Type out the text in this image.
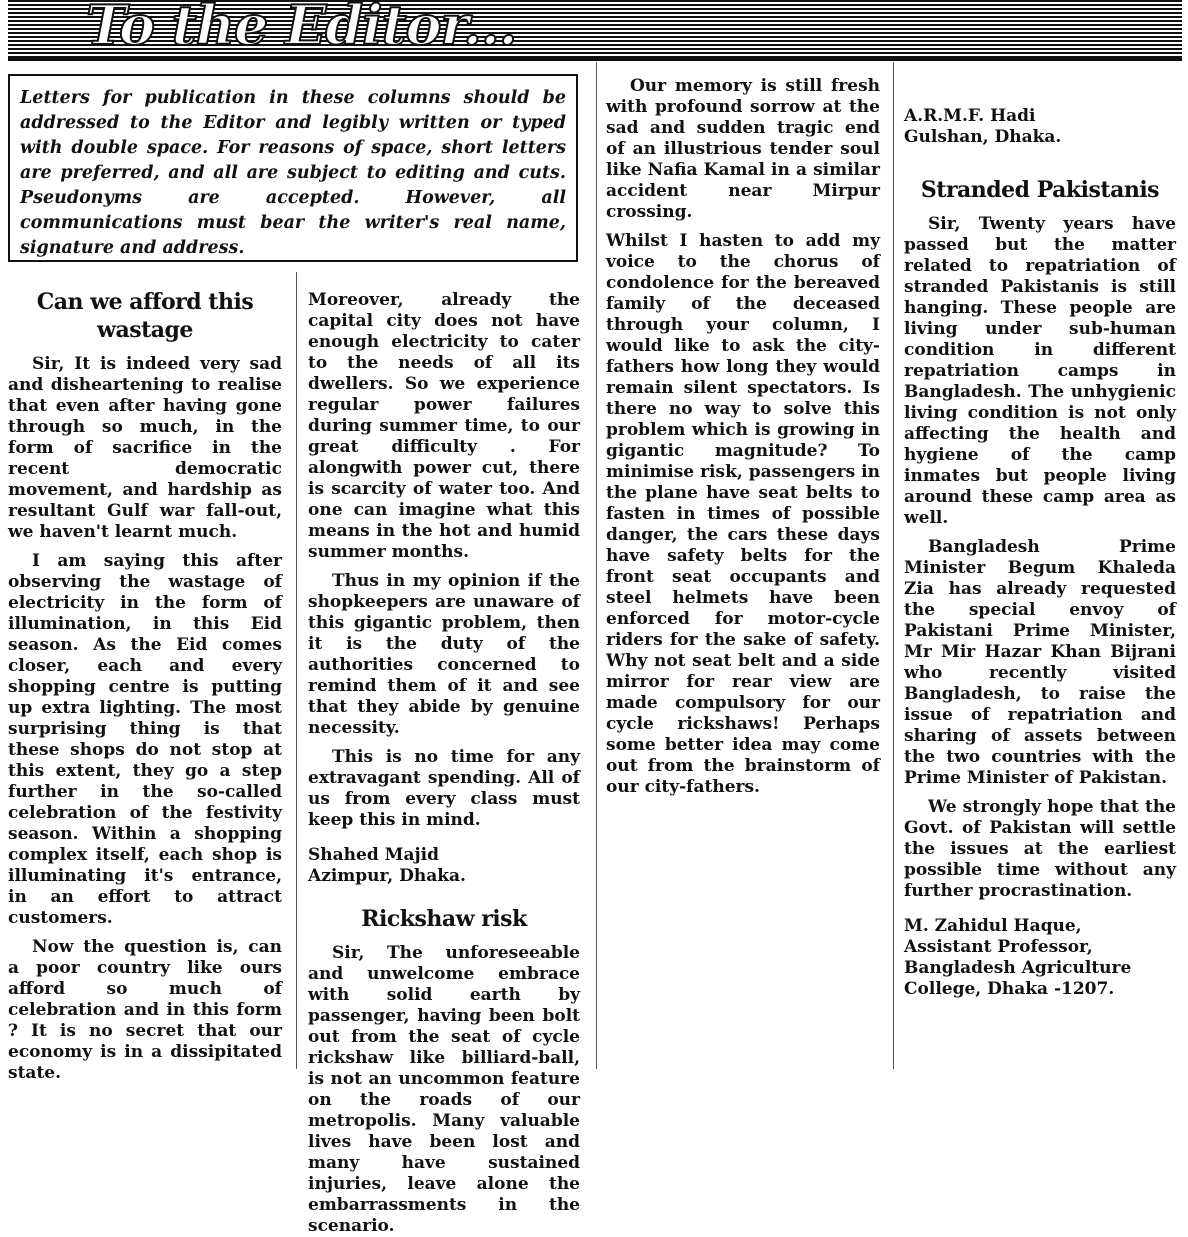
To the Editor...
Letters for publication in these columns should be addressed to the Editor and legibly written or typed with double space. For reasons of space, short letters are preferred, and all are subject to editing and cuts. Pseudonyms are accepted. However, all communications must bear the writer's real name, signature and address.
Can we afford this wastage

Sir, It is indeed very sad and disheartening to realise that even after having gone through so much, in the form of sacrifice in the recent democratic movement, and hardship as resultant Gulf war fall-out, we haven't learnt much.

I am saying this after observing the wastage of electricity in the form of illumination, in this Eid season. As the Eid comes closer, each and every shopping centre is putting up extra lighting. The most surprising thing is that these shops do not stop at this extent, they go a step further in the so-called celebration of the festivity season. Within a shopping complex itself, each shop is illuminating it's entrance, in an effort to attract customers.

Now the question is, can a poor country like ours afford so much of celebration and in this form ? It is no secret that our economy is in a dissipitated state.

Moreover, already the capital city does not have enough electricity to cater to the needs of all its dwellers. So we experience regular power failures during summer time, to our great difficulty . For alongwith power cut, there is scarcity of water too. And one can imagine what this means in the hot and humid summer months.

Thus in my opinion if the shopkeepers are unaware of this gigantic problem, then it is the duty of the authorities concerned to remind them of it and see that they abide by genuine necessity.

This is no time for any extravagant spending. All of us from every class must keep this in mind.

Shahed Majid

Azimpur, Dhaka.

Rickshaw risk

Sir, The unforeseeable and unwelcome embrace with solid earth by passenger, having been bolt out from the seat of cycle rickshaw like billiard-ball, is not an uncommon feature on the roads of our metropolis. Many valuable lives have been lost and many have sustained injuries, leave alone the embarrassments in the scenario.

Our memory is still fresh with profound sorrow at the sad and sudden tragic end of an illustrious tender soul like Nafia Kamal in a similar accident near Mirpur crossing.

Whilst I hasten to add my voice to the chorus of condolence for the bereaved family of the deceased through your column, I would like to ask the city-fathers how long they would remain silent spectators. Is there no way to solve this problem which is growing in gigantic magnitude? To minimise risk, passengers in the plane have seat belts to fasten in times of possible danger, the cars these days have safety belts for the front seat occupants and steel helmets have been enforced for motor-cycle riders for the sake of safety. Why not seat belt and a side mirror for rear view are made compulsory for our cycle rickshaws! Perhaps some better idea may come out from the brainstorm of our city-fathers.

A.R.M.F. Hadi

Gulshan, Dhaka.

Stranded Pakistanis

Sir, Twenty years have passed but the matter related to repatriation of stranded Pakistanis is still hanging. These people are living under sub-human condition in different repatriation camps in Bangladesh. The unhygienic living condition is not only affecting the health and hygiene of the camp inmates but people living around these camp area as well.

Bangladesh Prime Minister Begum Khaleda Zia has already requested the special envoy of Pakistani Prime Minister, Mr Mir Hazar Khan Bijrani who recently visited Bangladesh, to raise the issue of repatriation and sharing of assets between the two countries with the Prime Minister of Pakistan.

We strongly hope that the Govt. of Pakistan will settle the issues at the earliest possible time without any further procrastination.

M. Zahidul Haque,

Assistant Professor,

Bangladesh Agriculture

College, Dhaka -1207.
